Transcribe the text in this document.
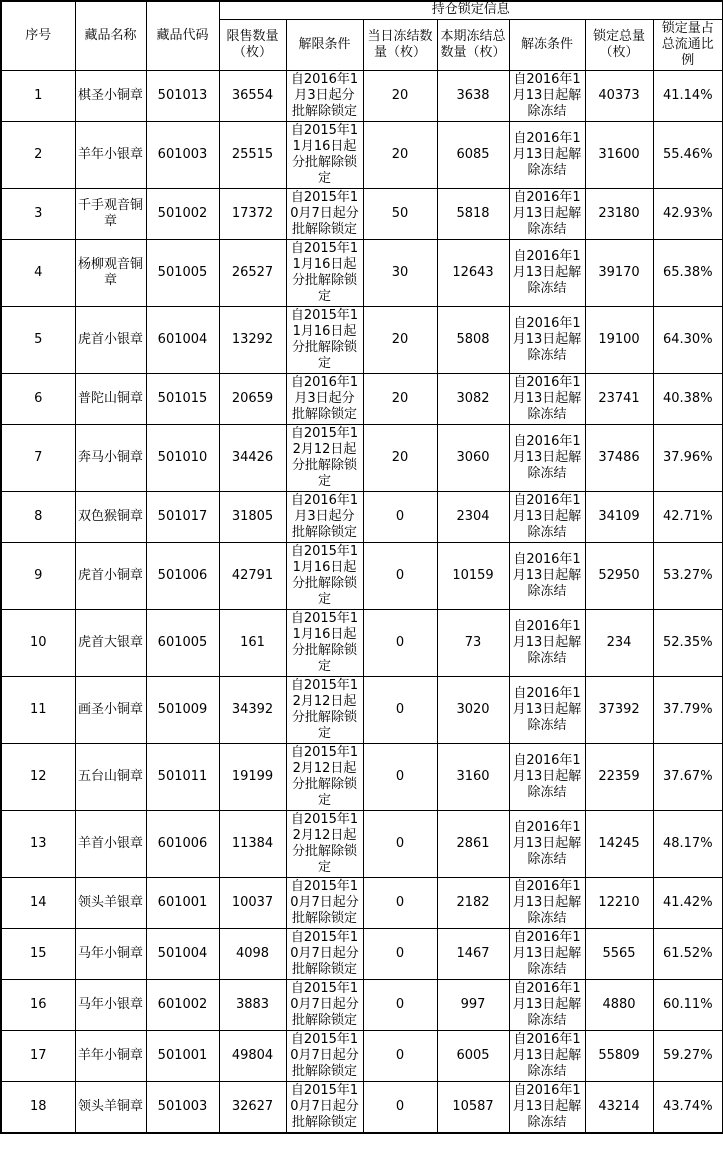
序号	藏品名称	藏品代码	持仓锁定信息						
			限售数量（枚）	解限条件	当日冻结数量（枚）	本期冻结总数量（枚）	解冻条件	锁定总量（枚）	锁定量占总流通比例
1	棋圣小铜章	501013	36554	自2016年1月3日起分批解除锁定	20	3638	自2016年1月13日起解除冻结	40373	41.14%
2	羊年小银章	601003	25515	自2015年11月16日起分批解除锁定	20	6085	自2016年1月13日起解除冻结	31600	55.46%
3	千手观音铜章	501002	17372	自2015年10月7日起分批解除锁定	50	5818	自2016年1月13日起解除冻结	23180	42.93%
4	杨柳观音铜章	501005	26527	自2015年11月16日起分批解除锁定	30	12643	自2016年1月13日起解除冻结	39170	65.38%
5	虎首小银章	601004	13292	自2015年11月16日起分批解除锁定	20	5808	自2016年1月13日起解除冻结	19100	64.30%
6	普陀山铜章	501015	20659	自2016年1月3日起分批解除锁定	20	3082	自2016年1月13日起解除冻结	23741	40.38%
7	奔马小铜章	501010	34426	自2015年12月12日起分批解除锁定	20	3060	自2016年1月13日起解除冻结	37486	37.96%
8	双色猴铜章	501017	31805	自2016年1月3日起分批解除锁定	0	2304	自2016年1月13日起解除冻结	34109	42.71%
9	虎首小铜章	501006	42791	自2015年11月16日起分批解除锁定	0	10159	自2016年1月13日起解除冻结	52950	53.27%
10	虎首大银章	601005	161	自2015年11月16日起分批解除锁定	0	73	自2016年1月13日起解除冻结	234	52.35%
11	画圣小铜章	501009	34392	自2015年12月12日起分批解除锁定	0	3020	自2016年1月13日起解除冻结	37392	37.79%
12	五台山铜章	501011	19199	自2015年12月12日起分批解除锁定	0	3160	自2016年1月13日起解除冻结	22359	37.67%
13	羊首小银章	601006	11384	自2015年12月12日起分批解除锁定	0	2861	自2016年1月13日起解除冻结	14245	48.17%
14	领头羊银章	601001	10037	自2015年10月7日起分批解除锁定	0	2182	自2016年1月13日起解除冻结	12210	41.42%
15	马年小铜章	501004	4098	自2015年10月7日起分批解除锁定	0	1467	自2016年1月13日起解除冻结	5565	61.52%
16	马年小银章	601002	3883	自2015年10月7日起分批解除锁定	0	997	自2016年1月13日起解除冻结	4880	60.11%
17	羊年小铜章	501001	49804	自2015年10月7日起分批解除锁定	0	6005	自2016年1月13日起解除冻结	55809	59.27%
18	领头羊铜章	501003	32627	自2015年10月7日起分批解除锁定	0	10587	自2016年1月13日起解除冻结	43214	43.74%
